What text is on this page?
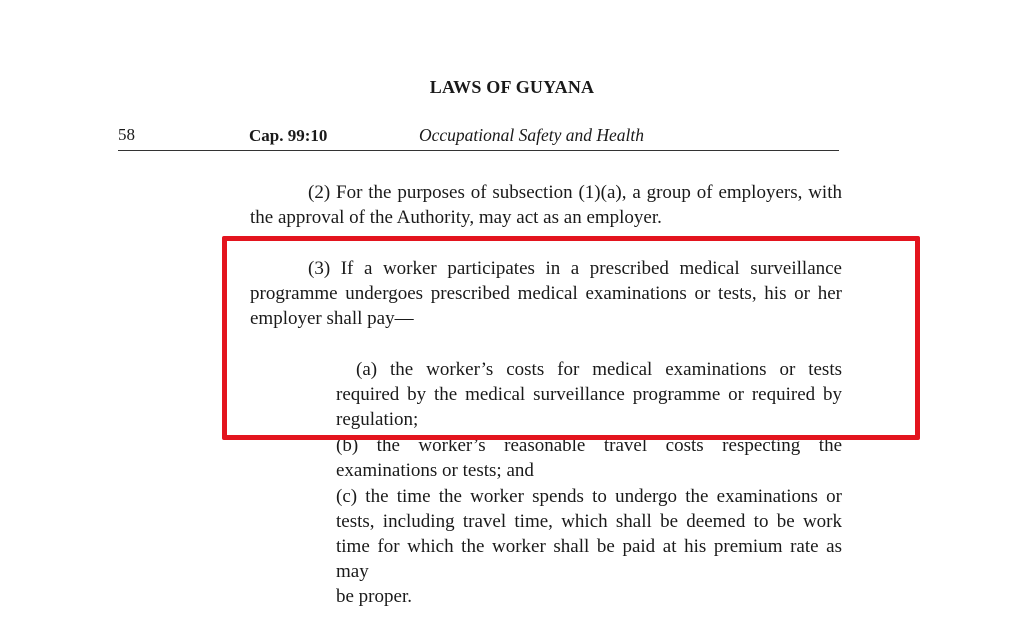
LAWS OF GUYANA
58	Cap. 99:10	Occupational Safety and Health
(2) For the purposes of subsection (1)(a), a group of employers, with the approval of the Authority, may act as an employer.
(3) If a worker participates in a prescribed medical surveillance programme undergoes prescribed medical examinations or tests, his or her employer shall pay—
(a) the worker’s costs for medical examinations or tests required by the medical surveillance programme or required by regulation;
(b) the worker’s reasonable travel costs respecting the examinations or tests; and
(c) the time the worker spends to undergo the examinations or tests, including travel time, which shall be deemed to be work time for which the worker shall be paid at his premium rate as may
be proper.
